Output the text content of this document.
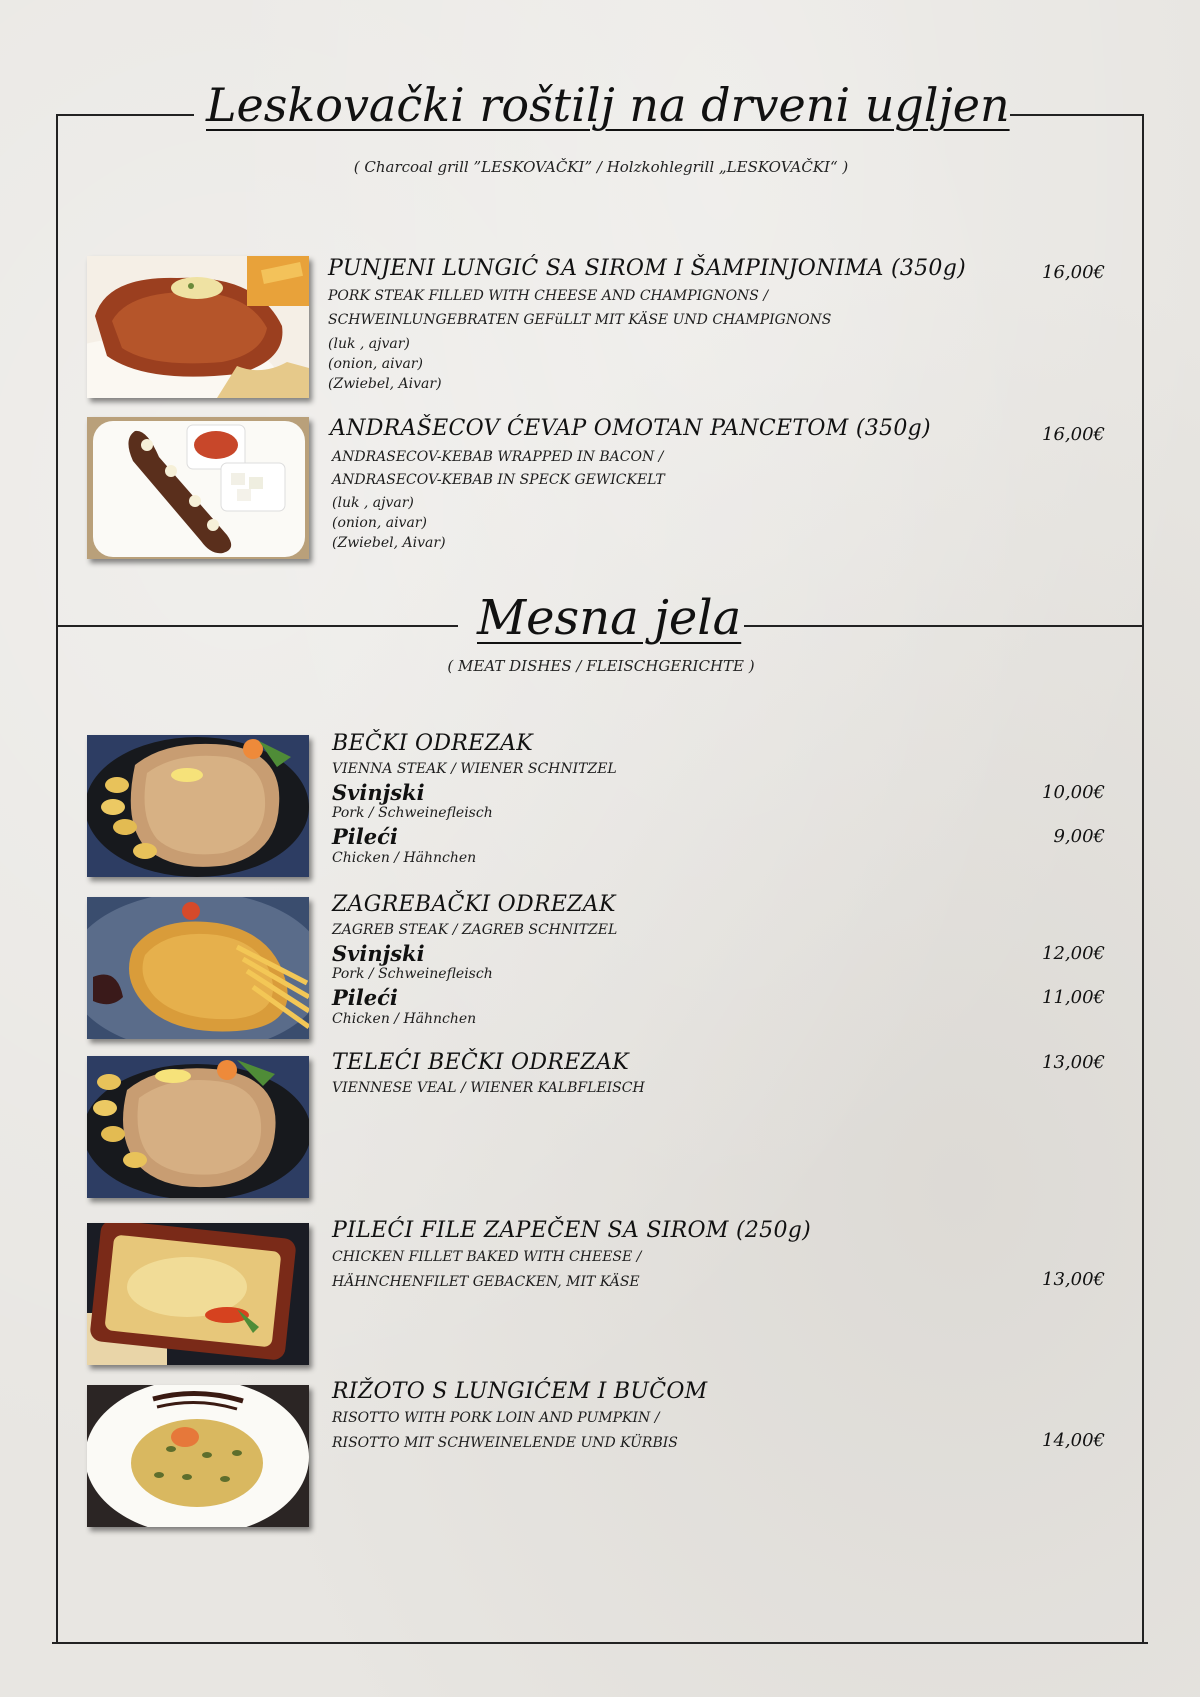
Leskovački roštilj na drveni ugljen
( Charcoal grill ”LESKOVAČKI” / Holzkohlegrill „LESKOVAČKI“ )
PUNJENI LUNGIĆ SA SIROM I ŠAMPINJONIMA (350g)	16,00€
PORK STEAK FILLED WITH CHEESE AND CHAMPIGNONS /
SCHWEINLUNGEBRATEN GEFüLLT MIT KÄSE UND CHAMPIGNONS
(luk , ajvar)
(onion, aivar)
(Zwiebel, Aivar)
ANDRAŠECOV ĆEVAP OMOTAN PANCETOM (350g)	16,00€
ANDRASECOV-KEBAB WRAPPED IN BACON /
ANDRASECOV-KEBAB IN SPECK GEWICKELT
(luk , ajvar)
(onion, aivar)
(Zwiebel, Aivar)
Mesna jela
( MEAT DISHES / FLEISCHGERICHTE )
BEČKI ODREZAK
VIENNA STEAK / WIENER SCHNITZEL
Svinjski	10,00€
Pork / Schweinefleisch
Pileći	9,00€
Chicken / Hähnchen
ZAGREBAČKI ODREZAK
ZAGREB STEAK / ZAGREB SCHNITZEL
Svinjski	12,00€
Pork / Schweinefleisch
Pileći	11,00€
Chicken / Hähnchen
TELEĆI BEČKI ODREZAK	13,00€
VIENNESE VEAL / WIENER KALBFLEISCH
PILEĆI FILE ZAPEČEN SA SIROM (250g)
CHICKEN FILLET BAKED WITH CHEESE /
HÄHNCHENFILET GEBACKEN, MIT KÄSE	13,00€
RIŽOTO S LUNGIĆEM I BUČOM
RISOTTO WITH PORK LOIN AND PUMPKIN /
RISOTTO MIT SCHWEINELENDE UND KÜRBIS	14,00€
